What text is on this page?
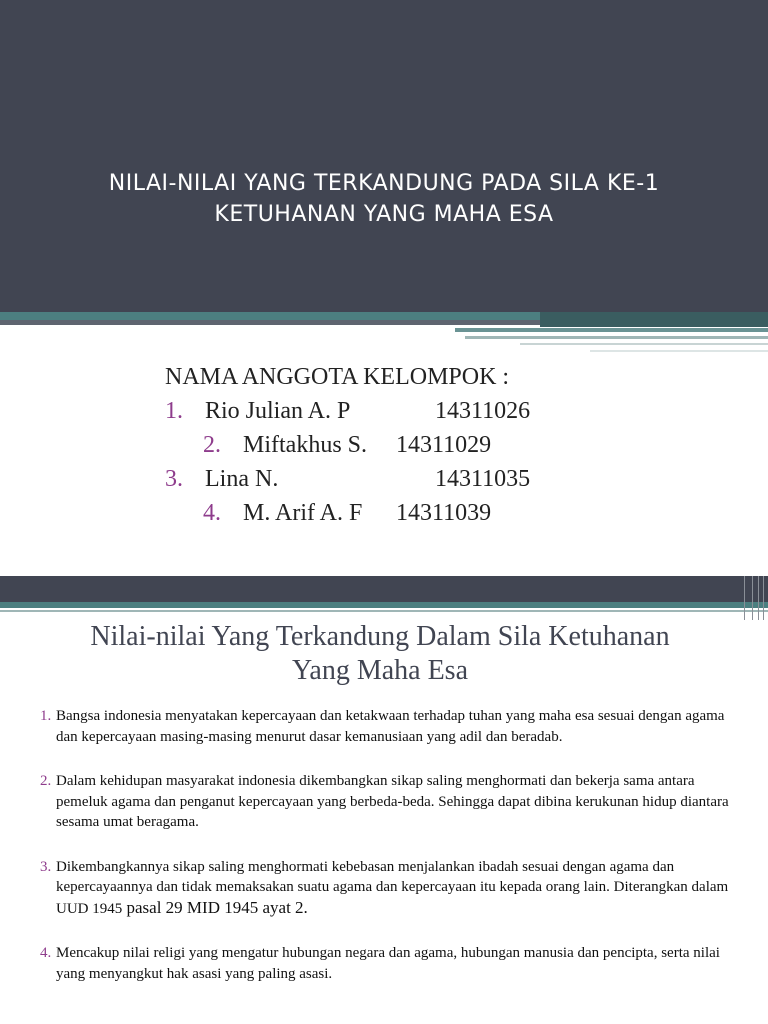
NILAI-NILAI YANG TERKANDUNG PADA SILA KE-1
KETUHANAN YANG MAHA ESA
NAMA ANGGOTA KELOMPOK :
1. Rio Julian A. P	14311026
2. Miftakhus S. 14311029
3. Lina N.	14311035
4. M. Arif A. F 14311039
Nilai-nilai Yang Terkandung Dalam Sila Ketuhanan
Yang Maha Esa
1. Bangsa indonesia menyatakan kepercayaan dan ketakwaan terhadap tuhan yang maha esa sesuai dengan agama dan kepercayaan masing-masing menurut dasar kemanusiaan yang adil dan beradab.
2. Dalam kehidupan masyarakat indonesia dikembangkan sikap saling menghormati dan bekerja sama antara pemeluk agama dan penganut kepercayaan yang berbeda-beda. Sehingga dapat dibina kerukunan hidup diantara sesama umat beragama.
3. Dikembangkannya sikap saling menghormati kebebasan menjalankan ibadah sesuai dengan agama dan kepercayaannya dan tidak memaksakan suatu agama dan kepercayaan itu kepada orang lain. Diterangkan dalam UUD 1945 pasal 29 MID 1945 ayat 2.
4. Mencakup nilai religi yang mengatur hubungan negara dan agama, hubungan manusia dan pencipta, serta nilai yang menyangkut hak asasi yang paling asasi.
